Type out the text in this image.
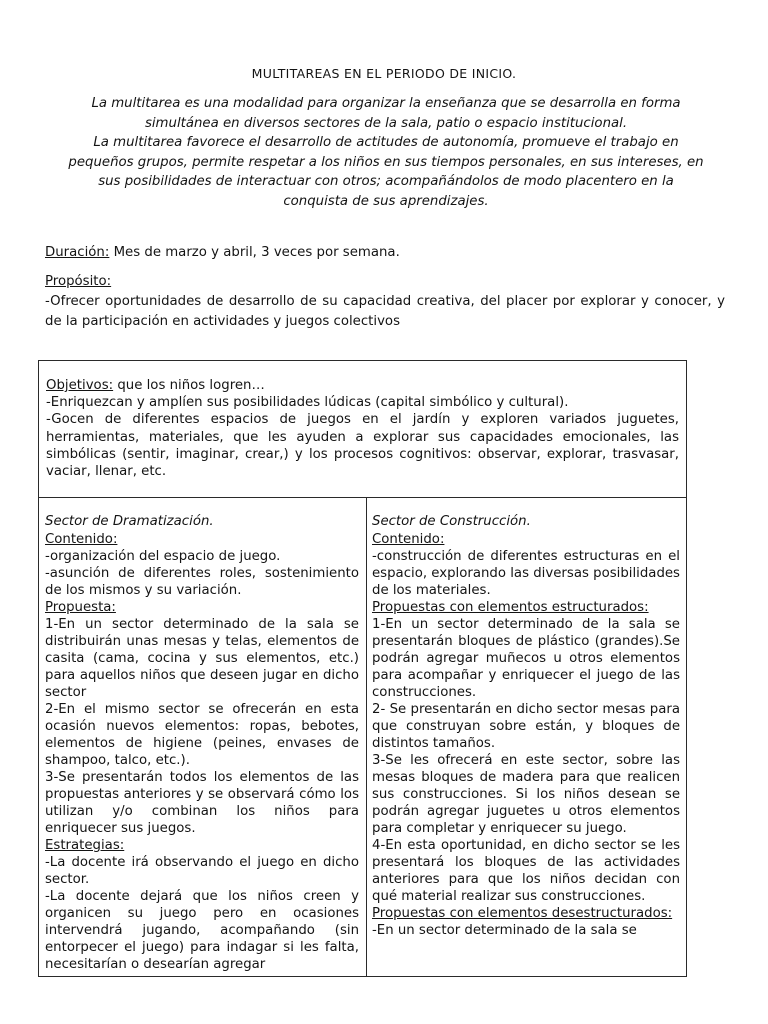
MULTITAREAS EN EL PERIODO DE INICIO.

La multitarea es una modalidad para organizar la enseñanza que se desarrolla en forma simultánea en diversos sectores de la sala, patio o espacio institucional.

La multitarea favorece el desarrollo de actitudes de autonomía, promueve el trabajo en pequeños grupos, permite respetar a los niños en sus tiempos personales, en sus intereses, en sus posibilidades de interactuar con otros; acompañándolos de modo placentero en la conquista de sus aprendizajes.

Duración: Mes de marzo y abril, 3 veces por semana.
Propósito:
-Ofrecer oportunidades de desarrollo de su capacidad creativa, del placer por explorar y conocer, y de la participación en actividades y juegos colectivos

Objetivos: que los niños logren…

-Enriquezcan y amplíen sus posibilidades lúdicas (capital simbólico y cultural).

-Gocen de diferentes espacios de juegos en el jardín y exploren variados juguetes, herramientas, materiales, que les ayuden a explorar sus capacidades emocionales, las simbólicas (sentir, imaginar, crear,) y los procesos cognitivos: observar, explorar, trasvasar, vaciar, llenar, etc.

Sector de Dramatización.

Contenido:

-organización del espacio de juego.

-asunción de diferentes roles, sostenimiento de los mismos y su variación.

Propuesta:

1-En un sector determinado de la sala se distribuirán unas mesas y telas, elementos de casita (cama, cocina y sus elementos, etc.) para aquellos niños que deseen jugar en dicho sector

2-En el mismo sector se ofrecerán en esta ocasión nuevos elementos: ropas, bebotes, elementos de higiene (peines, envases de shampoo, talco, etc.).

3-Se presentarán todos los elementos de las propuestas anteriores y se observará cómo los utilizan y/o combinan los niños para enriquecer sus juegos.

Estrategias:

-La docente irá observando el juego en dicho sector.

-La docente dejará que los niños creen y organicen su juego pero en ocasiones intervendrá jugando, acompañando (sin entorpecer el juego) para indagar si les falta, necesitarían o desearían agregar

Sector de Construcción.

Contenido:

-construcción de diferentes estructuras en el espacio, explorando las diversas posibilidades de los materiales.

Propuestas con elementos estructurados:

1-En un sector determinado de la sala se presentarán bloques de plástico (grandes).Se podrán agregar muñecos u otros elementos para acompañar y enriquecer el juego de las construcciones.

2- Se presentarán en dicho sector mesas para que construyan sobre están, y bloques de distintos tamaños.

3-Se les ofrecerá en este sector, sobre las mesas bloques de madera para que realicen sus construcciones. Si los niños desean se podrán agregar juguetes u otros elementos para completar y enriquecer su juego.

4-En esta oportunidad, en dicho sector se les presentará los bloques de las actividades anteriores para que los niños decidan con qué material realizar sus construcciones.

Propuestas con elementos desestructurados:

-En un sector determinado de la sala se
